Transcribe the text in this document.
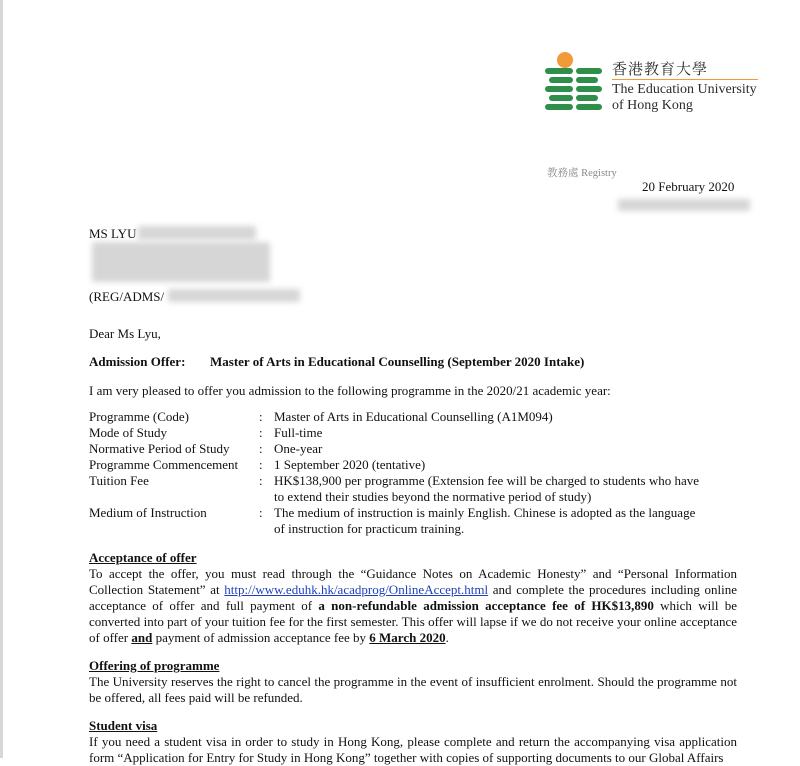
香港教育大學
The Education University
of Hong Kong
教務處 Registry
20 February 2020
MS LYU
(REG/ADMS/
Dear Ms Lyu,
Admission Offer: Master of Arts in Educational Counselling (September 2020 Intake)
I am very pleased to offer you admission to the following programme in the 2020/21 academic year:
Programme (Code)	: Master of Arts in Educational Counselling (A1M094)
Mode of Study	: Full-time
Normative Period of Study : One-year
Programme Commencement : 1 September 2020 (tentative)
Tuition Fee	: HK$138,900 per programme (Extension fee will be charged to students who have
to extend their studies beyond the normative period of study)
Medium of Instruction	: The medium of instruction is mainly English. Chinese is adopted as the language
of instruction for practicum training.
Acceptance of offer
To accept the offer, you must read through the “Guidance Notes on Academic Honesty” and “Personal Information Collection Statement” at http://www.eduhk.hk/acadprog/OnlineAccept.html and complete the procedures including online acceptance of offer and full payment of a non-refundable admission acceptance fee of HK$13,890 which will be converted into part of your tuition fee for the first semester. This offer will lapse if we do not receive your online acceptance of offer and payment of admission acceptance fee by 6 March 2020.
Offering of programme
The University reserves the right to cancel the programme in the event of insufficient enrolment. Should the programme not be offered, all fees paid will be refunded.
Student visa
If you need a student visa in order to study in Hong Kong, please complete and return the accompanying visa application form “Application for Entry for Study in Hong Kong” together with copies of supporting documents to our Global Affairs
